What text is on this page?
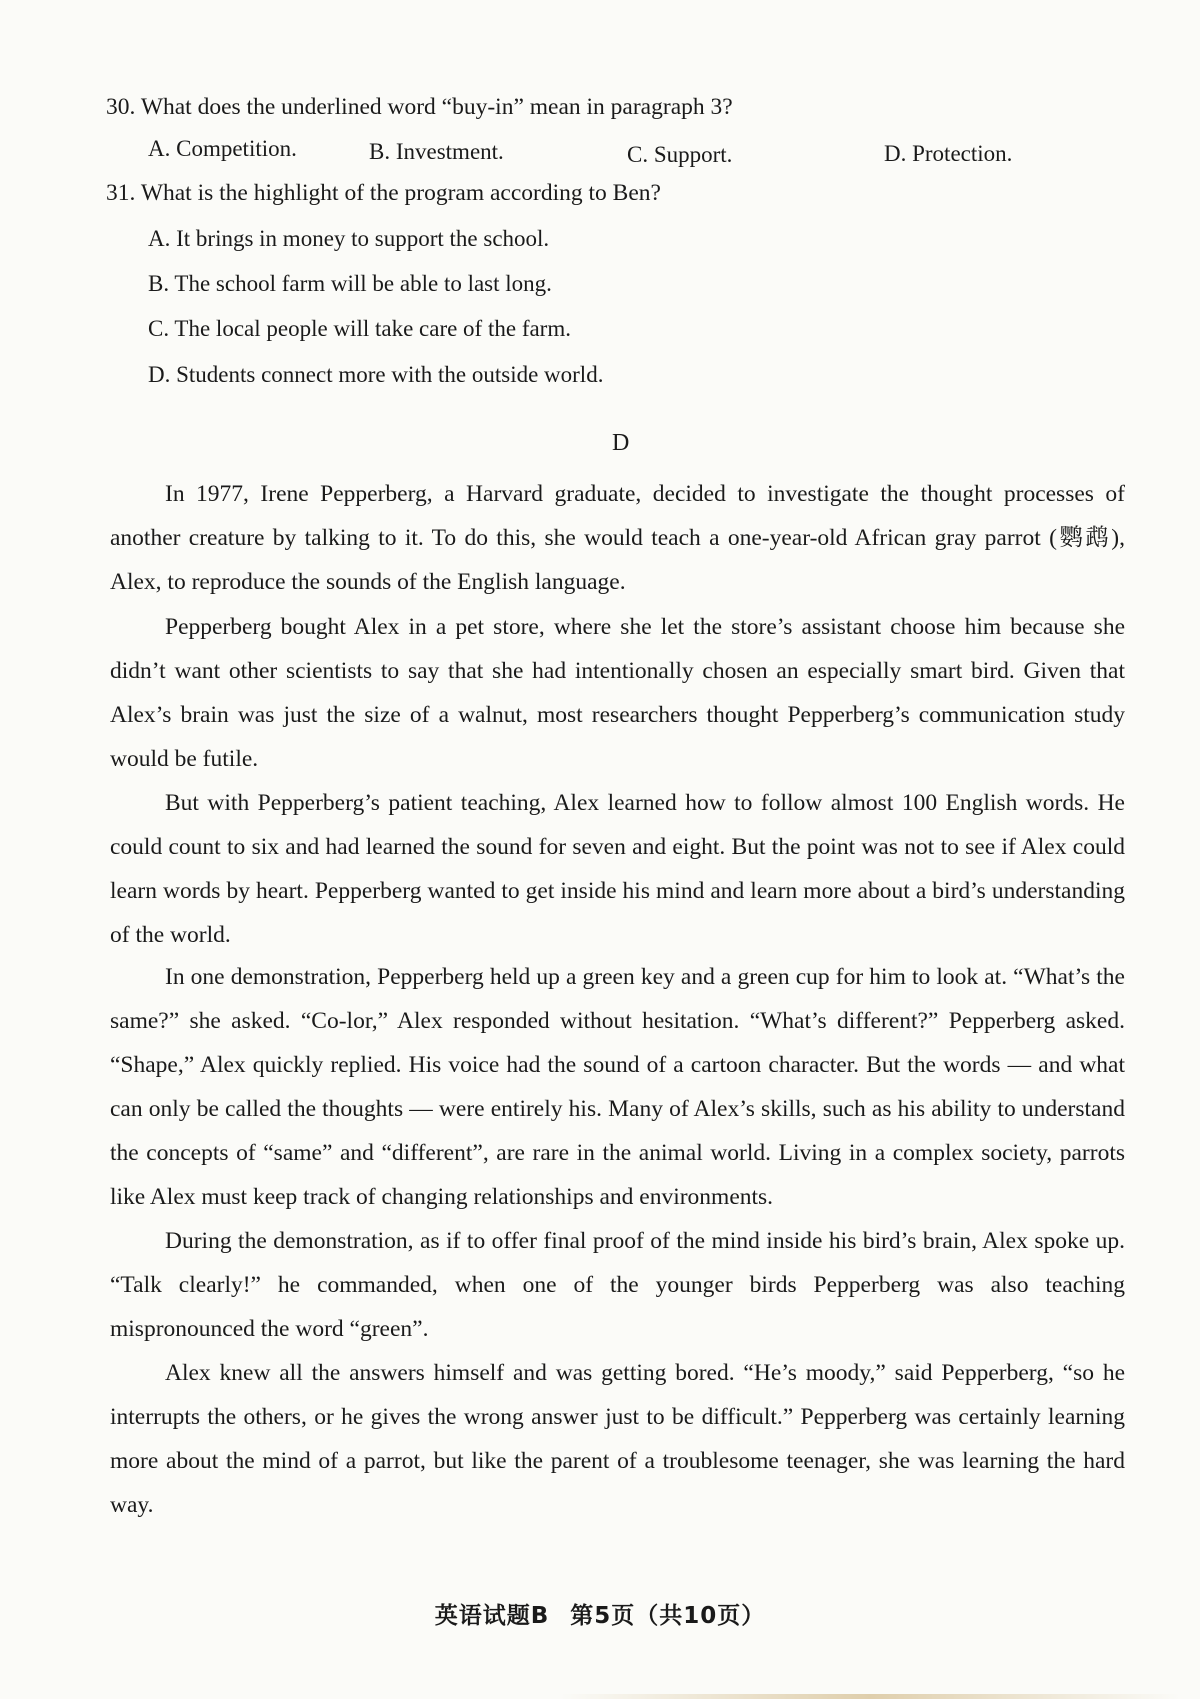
30. What does the underlined word “buy-in” mean in paragraph 3?
A. Competition.	B. Investment.	C. Support.	D. Protection.
31. What is the highlight of the program according to Ben?
A. It brings in money to support the school.
B. The school farm will be able to last long.
C. The local people will take care of the farm.
D. Students connect more with the outside world.
D

In 1977, Irene Pepperberg, a Harvard graduate, decided to investigate the thought processes of another creature by talking to it. To do this, she would teach a one-year-old African gray parrot (鹦鹉), Alex, to reproduce the sounds of the English language.

Pepperberg bought Alex in a pet store, where she let the store’s assistant choose him because she didn’t want other scientists to say that she had intentionally chosen an especially smart bird. Given that Alex’s brain was just the size of a walnut, most researchers thought Pepperberg’s communication study would be futile.

But with Pepperberg’s patient teaching, Alex learned how to follow almost 100 English words. He could count to six and had learned the sound for seven and eight. But the point was not to see if Alex could learn words by heart. Pepperberg wanted to get inside his mind and learn more about a bird’s understanding of the world.

In one demonstration, Pepperberg held up a green key and a green cup for him to look at. “What’s the same?” she asked. “Co-lor,” Alex responded without hesitation. “What’s different?” Pepperberg asked. “Shape,” Alex quickly replied. His voice had the sound of a cartoon character. But the words — and what can only be called the thoughts — were entirely his. Many of Alex’s skills, such as his ability to understand the concepts of “same” and “different”, are rare in the animal world. Living in a complex society, parrots like Alex must keep track of changing relationships and environments.

During the demonstration, as if to offer final proof of the mind inside his bird’s brain, Alex spoke up. “Talk clearly!” he commanded, when one of the younger birds Pepperberg was also teaching mispronounced the word “green”.

Alex knew all the answers himself and was getting bored. “He’s moody,” said Pepperberg, “so he interrupts the others, or he gives the wrong answer just to be difficult.” Pepperberg was certainly learning more about the mind of a parrot, but like the parent of a troublesome teenager, she was learning the hard way.

英语试题B 第5页（共10页）
